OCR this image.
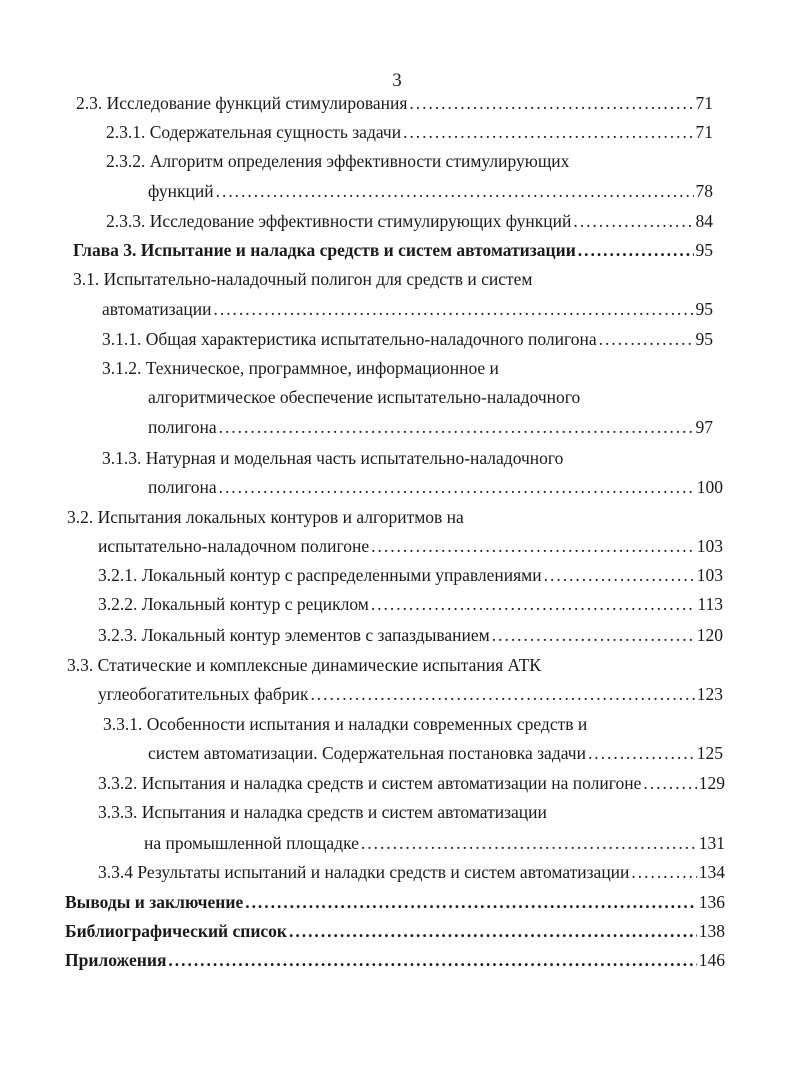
3
2.3. Исследование функций стимулирования . . .	71
2.3.1. Содержательная сущность задачи . . .	71
2.3.2. Алгоритм определения эффективности стимулирующих
функций . . .	78
2.3.3. Исследование эффективности стимулирующих функций . . .	84
Глава 3. Испытание и наладка средств и систем автоматизации . . .	95
3.1. Испытательно-наладочный полигон для средств и систем
автоматизации . . .	95
3.1.1. Общая характеристика испытательно-наладочного полигона . . .	95
3.1.2. Техническое, программное, информационное и
алгоритмическое обеспечение испытательно-наладочного
полигона . . .	97
3.1.3. Натурная и модельная часть испытательно-наладочного
полигона . . .	100
3.2. Испытания локальных контуров и алгоритмов на
испытательно-наладочном полигоне . . .	103
3.2.1. Локальный контур с распределенными управлениями . . .	103
3.2.2. Локальный контур с рециклом . . .	113
3.2.3. Локальный контур элементов с запаздыванием . . .	120
3.3. Статические и комплексные динамические испытания АТК
углеобогатительных фабрик . . .	123
3.3.1. Особенности испытания и наладки современных средств и
систем автоматизации. Содержательная постановка задачи . . .	125
3.3.2. Испытания и наладка средств и систем автоматизации на полигоне . . .	129
3.3.3. Испытания и наладка средств и систем автоматизации
на промышленной площадке . . .	131
3.3.4 Результаты испытаний и наладки средств и систем автоматизации . . .	134
Выводы и заключение . . .	136
Библиографический список . . .	138
Приложения . . .	146
